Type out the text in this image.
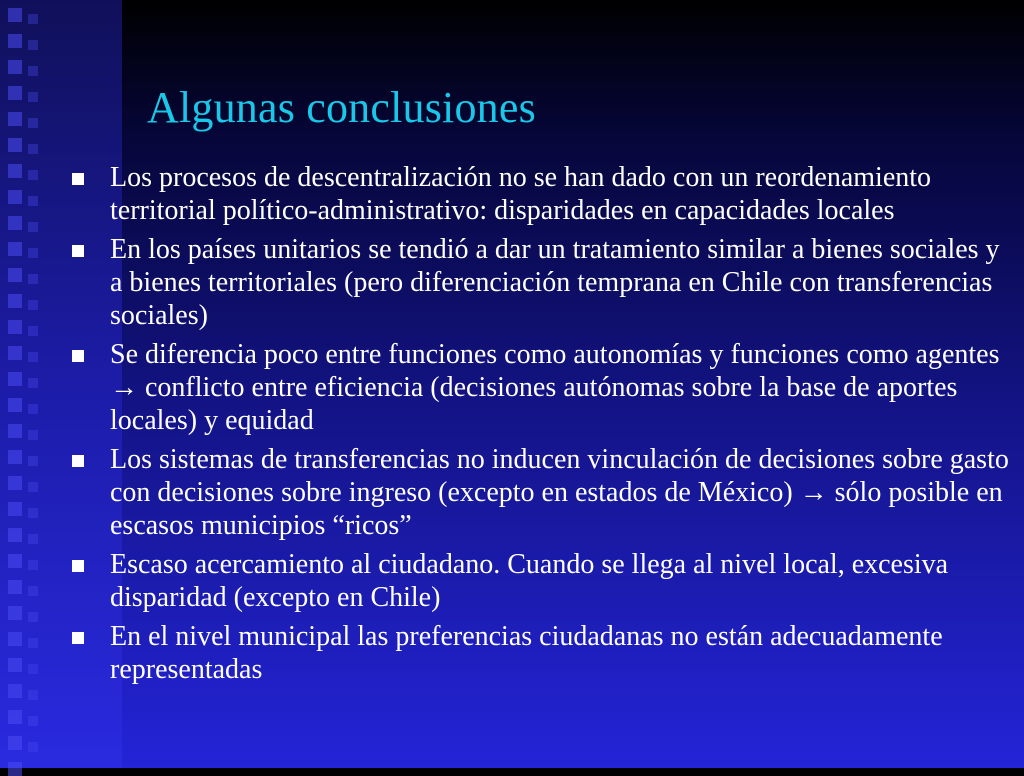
Algunas conclusiones
Los procesos de descentralización no se han dado con un reordenamiento territorial político-administrativo: disparidades en capacidades locales
En los países unitarios se tendió a dar un tratamiento similar a bienes sociales y a bienes territoriales (pero diferenciación temprana en Chile con transferencias sociales)
Se diferencia poco entre funciones como autonomías y funciones como agentes → conflicto entre eficiencia (decisiones autónomas sobre la base de aportes locales) y equidad
Los sistemas de transferencias no inducen vinculación de decisiones sobre gasto con decisiones sobre ingreso (excepto en estados de México) → sólo posible en escasos municipios “ricos”
Escaso acercamiento al ciudadano. Cuando se llega al nivel local, excesiva disparidad (excepto en Chile)
En el nivel municipal las preferencias ciudadanas no están adecuadamente representadas
